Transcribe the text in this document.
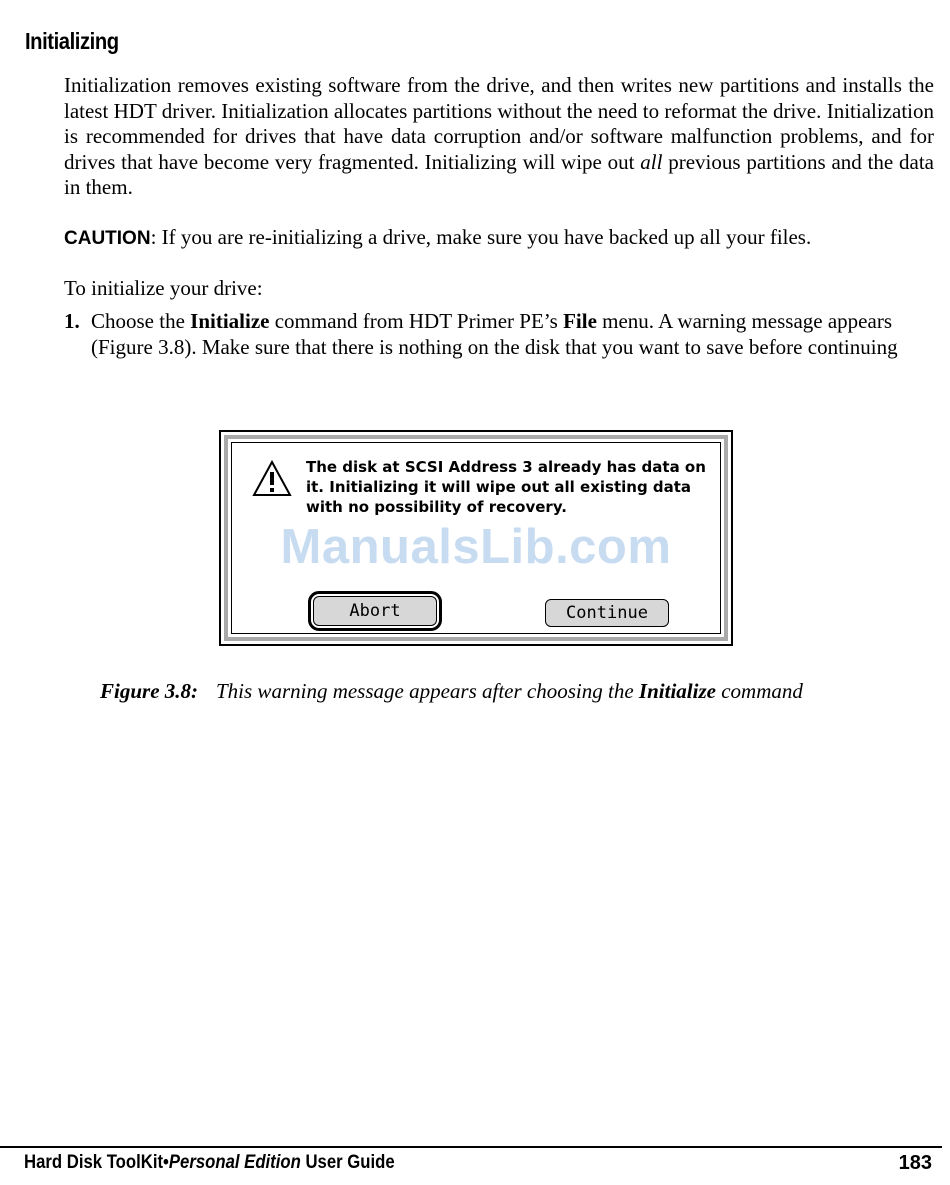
Initializing
Initialization removes existing software from the drive, and then writes new partitions and installs the latest HDT driver. Initialization allocates partitions without the need to reformat the drive. Initialization is recommended for drives that have data corruption and/or software malfunction problems, and for drives that have become very fragmented. Initializing will wipe out all previous partitions and the data in them.
CAUTION: If you are re-initializing a drive, make sure you have backed up all your files.
To initialize your drive:
1. Choose the Initialize command from HDT Primer PE’s File menu. A warning message appears (Figure 3.8). Make sure that there is nothing on the disk that you want to save before continuing
The disk at SCSI Address 3 already has data on it. Initializing it will wipe out all existing data with no possibility of recovery.
ManualsLib.com
Abort	Continue
Figure 3.8: This warning message appears after choosing the Initialize command
Hard Disk ToolKit•Personal Edition User Guide	183
